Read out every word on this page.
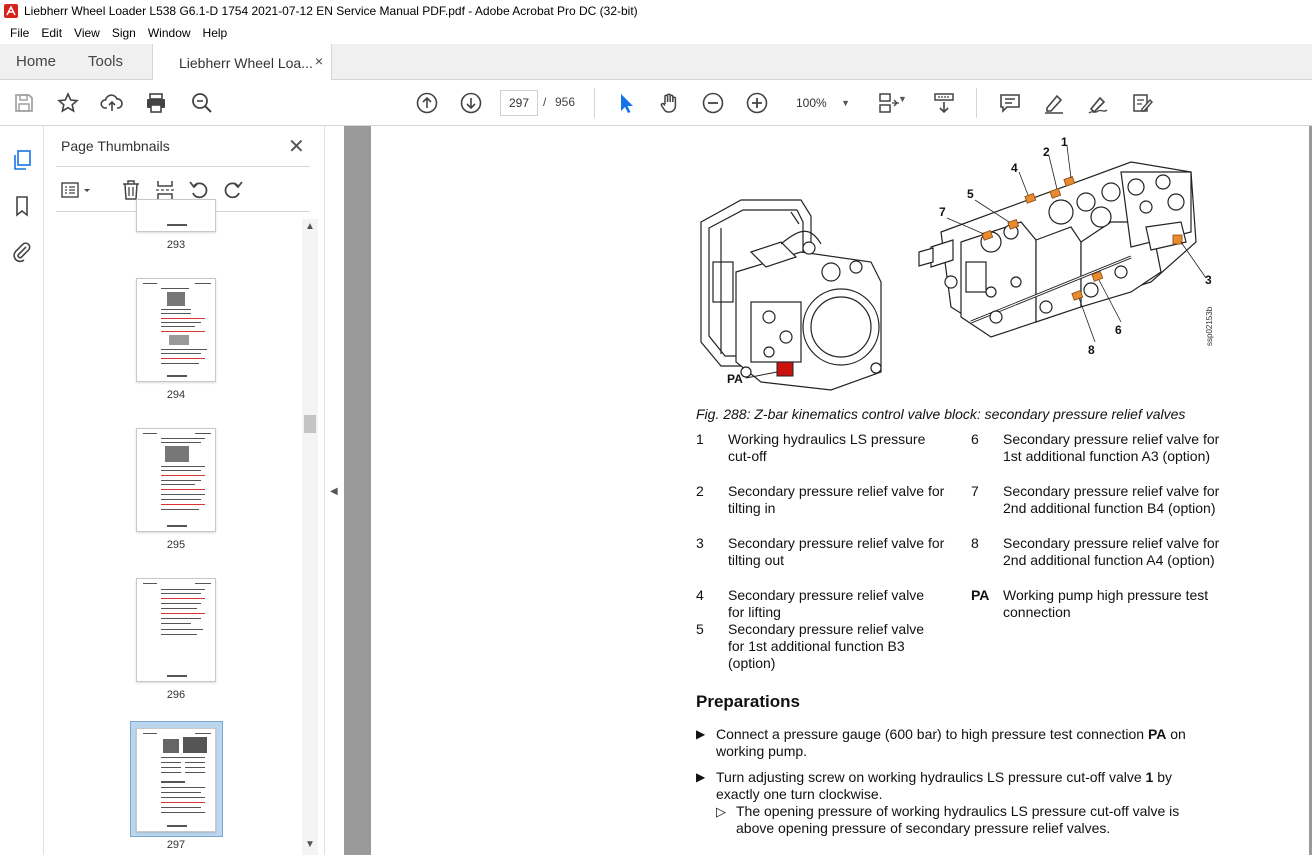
Liebherr Wheel Loader L538 G6.1-D 1754 2021-07-12 EN Service Manual PDF.pdf - Adobe Acrobat Pro DC (32-bit)
File	Edit	View	Sign	Window	Help
Home Tools	Liebherr Wheel Loa... ×
297	/ 956	100% ▼	▼
Page Thumbnails	✕
293
294
295
296
297
▲
▼
◀
PA
1
2
3
4
5
6
7
8
ssp02153b
Fig. 288: Z-bar kinematics control valve block: secondary pressure relief valves
1 Working hydraulics LS pressure cut-off
2 Secondary pressure relief valve for tilting in
3 Secondary pressure relief valve for tilting out
4 Secondary pressure relief valve for lifting
5 Secondary pressure relief valve for 1st additional function B3 (option)
6 Secondary pressure relief valve for 1st additional function A3 (option)
7 Secondary pressure relief valve for 2nd additional function B4 (option)
8 Secondary pressure relief valve for 2nd additional function A4 (option)
PA Working pump high pressure test connection
Preparations
▶ Connect a pressure gauge (600 bar) to high pressure test connection PA on working pump.
▶ Turn adjusting screw on working hydraulics LS pressure cut-off valve 1 by exactly one turn clockwise.
▷ The opening pressure of working hydraulics LS pressure cut-off valve is above opening pressure of secondary pressure relief valves.
